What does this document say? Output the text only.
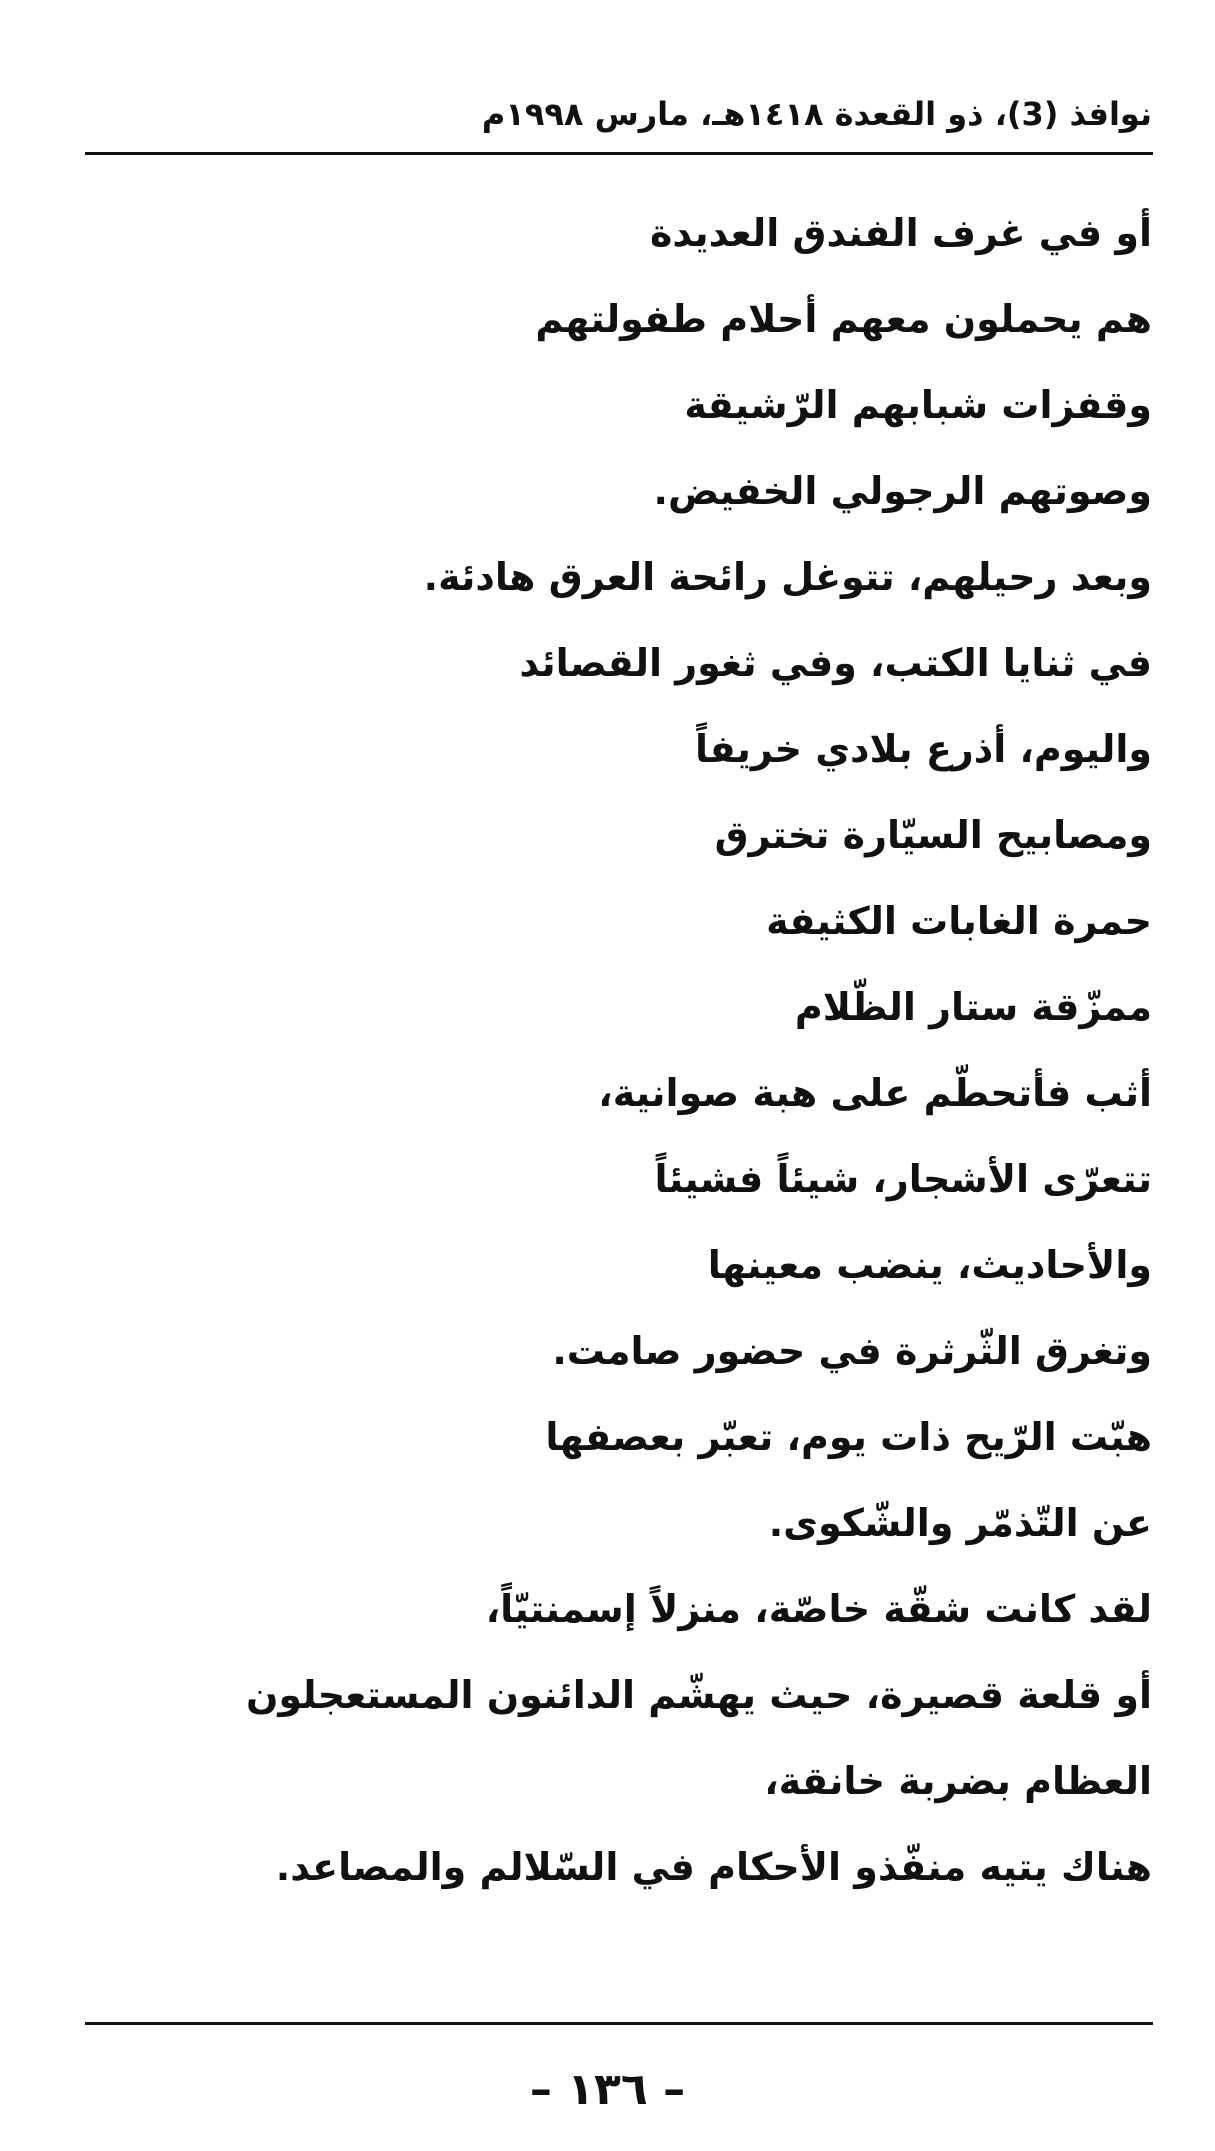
نوافذ (3)، ذو القعدة ١٤١٨هـ، مارس ١٩٩٨م
أو في غرف الفندق العديدة
هم يحملون معهم أحلام طفولتهم
وقفزات شبابهم الرّشيقة
وصوتهم الرجولي الخفيض.
وبعد رحيلهم، تتوغل رائحة العرق هادئة.
في ثنايا الكتب، وفي ثغور القصائد
واليوم، أذرع بلادي خريفاً
ومصابيح السيّارة تخترق
حمرة الغابات الكثيفة
ممزّقة ستار الظّلام
أثب فأتحطّم على هبة صوانية،
تتعرّى الأشجار، شيئاً فشيئاً
والأحاديث، ينضب معينها
وتغرق الثّرثرة في حضور صامت.
هبّت الرّيح ذات يوم، تعبّر بعصفها
عن التّذمّر والشّكوى.
لقد كانت شقّة خاصّة، منزلاً إسمنتيّاً،
أو قلعة قصيرة، حيث يهشّم الدائنون المستعجلون
العظام بضربة خانقة،
هناك يتيه منفّذو الأحكام في السّلالم والمصاعد.
– ١٣٦ –
